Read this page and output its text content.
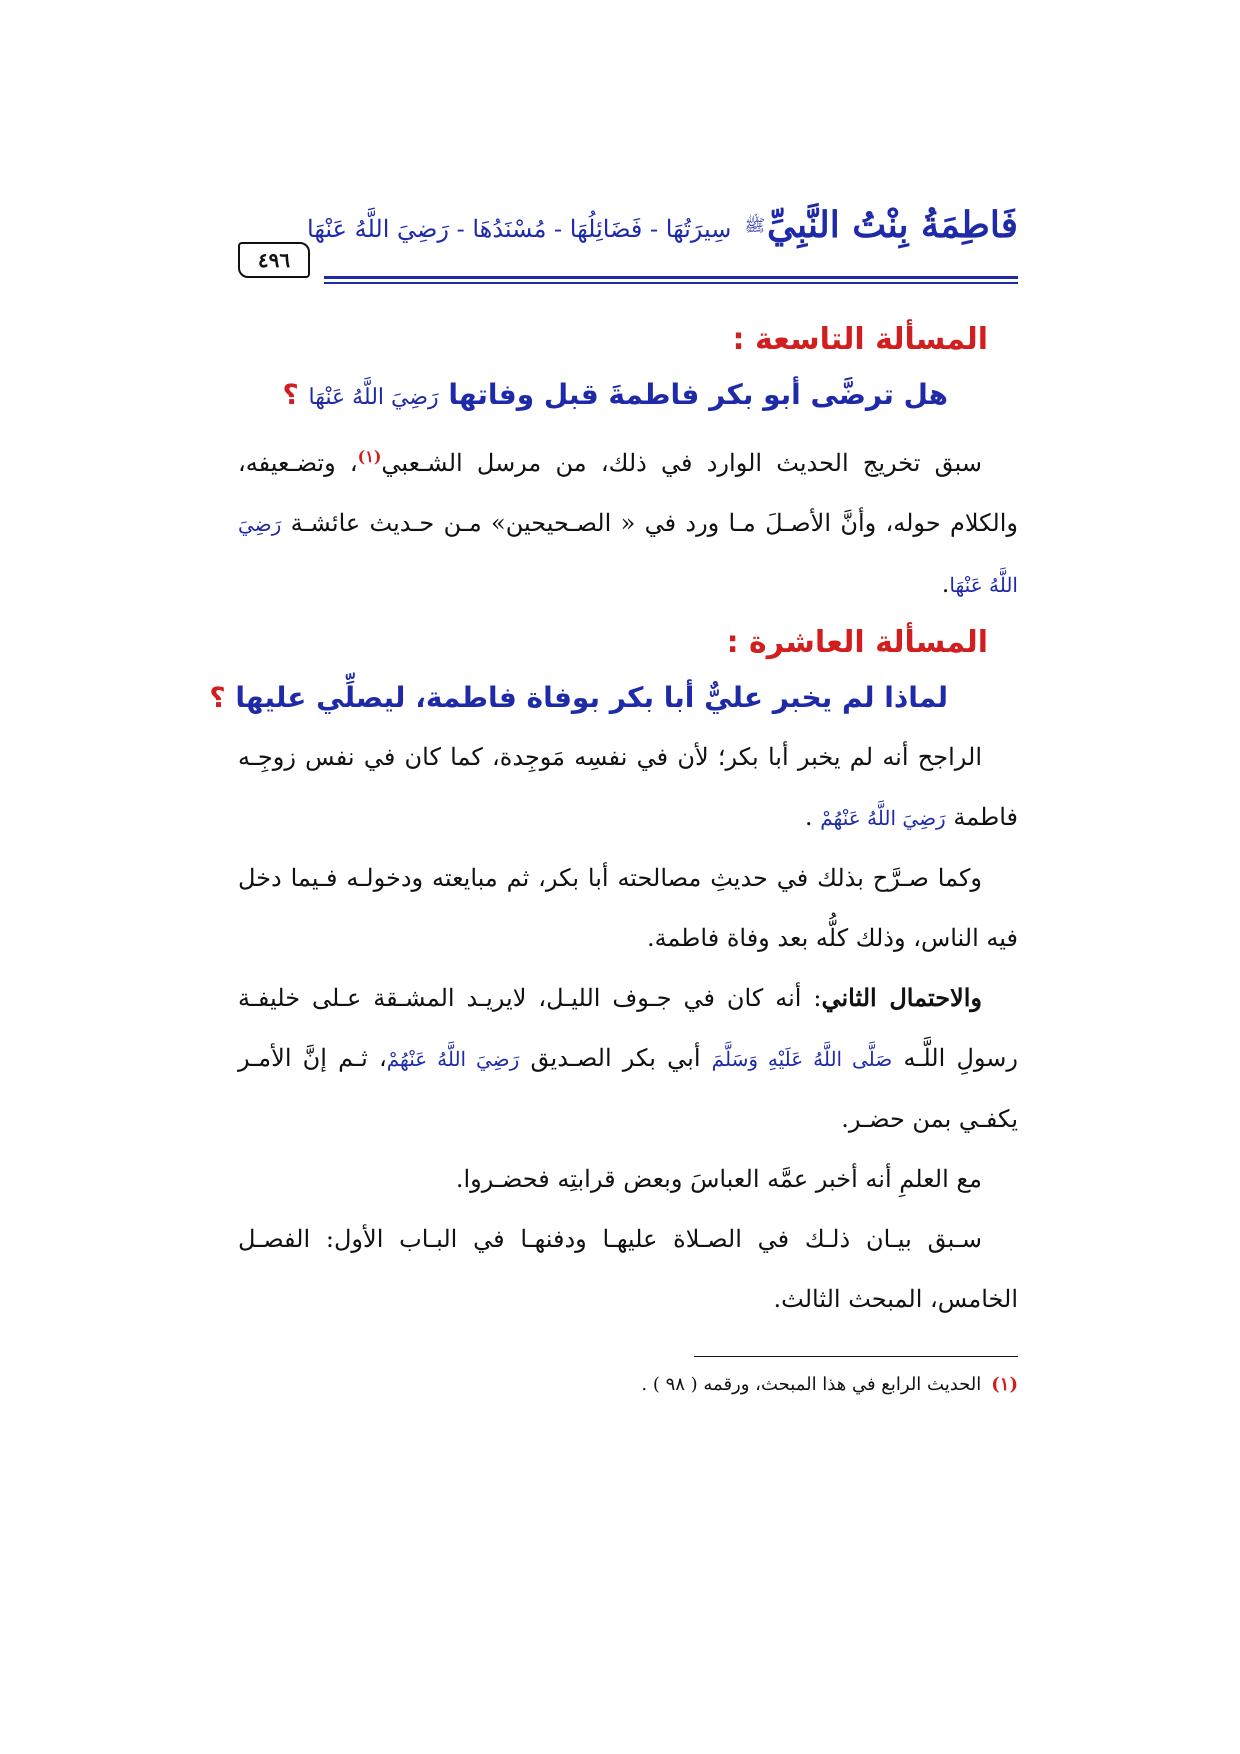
فَاطِمَةُ بِنْتُ النَّبِيِّﷺ سِيرَتُهَا - فَضَائِلُهَا - مُسْنَدُهَا - رَضِيَ اللَّهُ عَنْهَا
٤٩٦
المسألة التاسعة :
هل ترضَّى أبو بكر فاطمةَ قبل وفاتها رَضِيَ اللَّهُ عَنْهَا ؟

سبق تخريج الحديث الوارد في ذلك، من مرسل الشـعبي$^{(١)}$، وتضـعيفه، والكلام حوله، وأنَّ الأصـلَ مـا ورد في « الصـحيحين» مـن حـديث عائشـة رَضِيَ اللَّهُ عَنْهَا.

المسألة العاشرة :
لماذا لم يخبر عليٌّ أبا بكر بوفاة فاطمة، ليصلِّي عليها ؟

الراجح أنه لم يخبر أبا بكر؛ لأن في نفسِه مَوجِدة، كما كان في نفس زوجِـه فاطمة رَضِيَ اللَّهُ عَنْهُمْ .

وكما صـرَّح بذلك في حديثِ مصالحته أبا بكر، ثم مبايعته ودخولـه فـيما دخل فيه الناس، وذلك كلُّه بعد وفاة فاطمة.

والاحتمال الثاني: أنه كان في جـوف الليـل، لايريـد المشـقة عـلى خليفـة رسولِ اللَّـه صَلَّى اللَّهُ عَلَيْهِ وَسَلَّمَ أبي بكر الصـديق رَضِيَ اللَّهُ عَنْهُمْ، ثـم إنَّ الأمـر يكفـي بمن حضـر.

مع العلمِ أنه أخبر عمَّه العباسَ وبعض قرابتِه فحضـروا.

سـبق بيـان ذلـك في الصـلاة عليهـا ودفنهـا في البـاب الأول: الفصـل الخامس، المبحث الثالث.

(١)الحديث الرابع في هذا المبحث، ورقمه ( ٩٨ ) .
